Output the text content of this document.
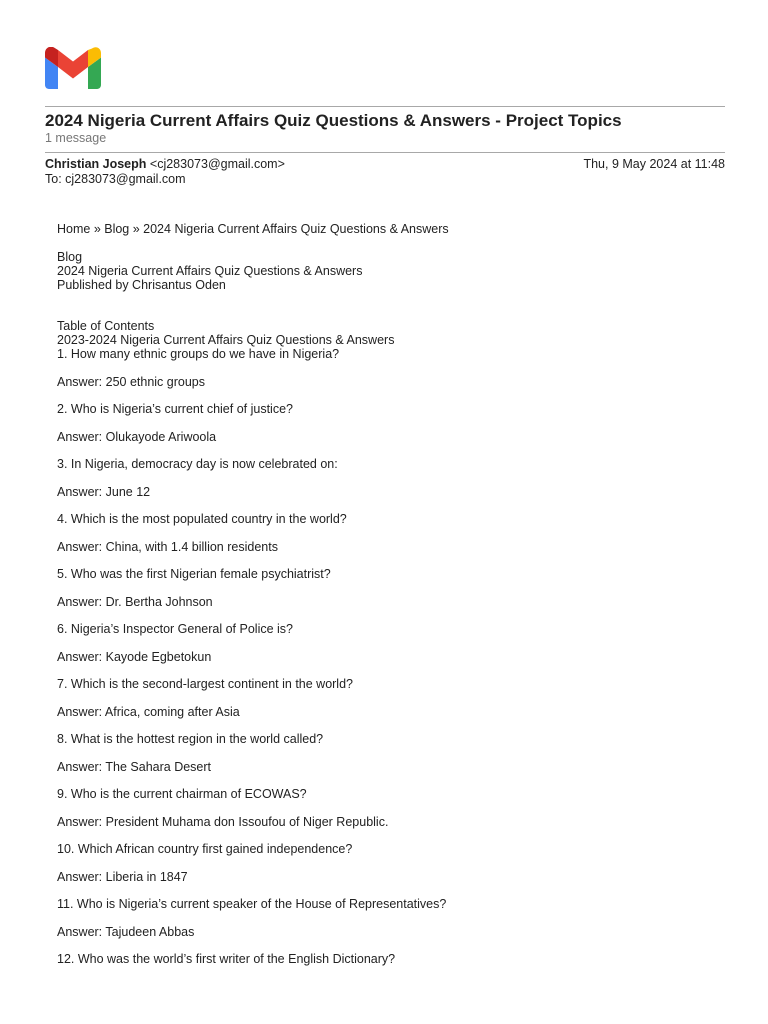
2024 Nigeria Current Affairs Quiz Questions & Answers - Project Topics
1 message
Christian Joseph <cj283073@gmail.com>	Thu, 9 May 2024 at 11:48
To: cj283073@gmail.com

Home » Blog » 2024 Nigeria Current Affairs Quiz Questions & Answers

Blog

2024 Nigeria Current Affairs Quiz Questions & Answers

Published by Chrisantus Oden

Table of Contents

2023-2024 Nigeria Current Affairs Quiz Questions & Answers

1. How many ethnic groups do we have in Nigeria?

Answer: 250 ethnic groups

2. Who is Nigeria’s current chief of justice?

Answer: Olukayode Ariwoola

3. In Nigeria, democracy day is now celebrated on:

Answer: June 12

4. Which is the most populated country in the world?

Answer: China, with 1.4 billion residents

5. Who was the first Nigerian female psychiatrist?

Answer: Dr. Bertha Johnson

6. Nigeria’s Inspector General of Police is?

Answer: Kayode Egbetokun

7. Which is the second-largest continent in the world?

Answer: Africa, coming after Asia

8. What is the hottest region in the world called?

Answer: The Sahara Desert

9. Who is the current chairman of ECOWAS?

Answer: President Muhama don Issoufou of Niger Republic.

10. Which African country first gained independence?

Answer: Liberia in 1847

11. Who is Nigeria’s current speaker of the House of Representatives?

Answer: Tajudeen Abbas

12. Who was the world’s first writer of the English Dictionary?
